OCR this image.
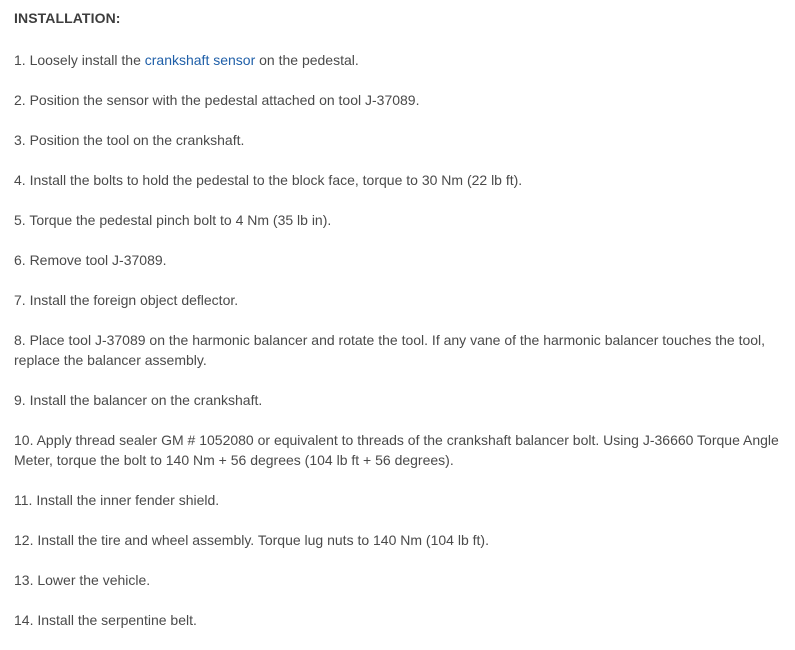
INSTALLATION:
1. Loosely install the crankshaft sensor on the pedestal.
2. Position the sensor with the pedestal attached on tool J-37089.
3. Position the tool on the crankshaft.
4. Install the bolts to hold the pedestal to the block face, torque to 30 Nm (22 lb ft).
5. Torque the pedestal pinch bolt to 4 Nm (35 lb in).
6. Remove tool J-37089.
7. Install the foreign object deflector.
8. Place tool J-37089 on the harmonic balancer and rotate the tool. If any vane of the harmonic balancer touches the tool, replace the balancer assembly.
9. Install the balancer on the crankshaft.
10. Apply thread sealer GM # 1052080 or equivalent to threads of the crankshaft balancer bolt. Using J-36660 Torque Angle Meter, torque the bolt to 140 Nm + 56 degrees (104 lb ft + 56 degrees).
11. Install the inner fender shield.
12. Install the tire and wheel assembly. Torque lug nuts to 140 Nm (104 lb ft).
13. Lower the vehicle.
14. Install the serpentine belt.
